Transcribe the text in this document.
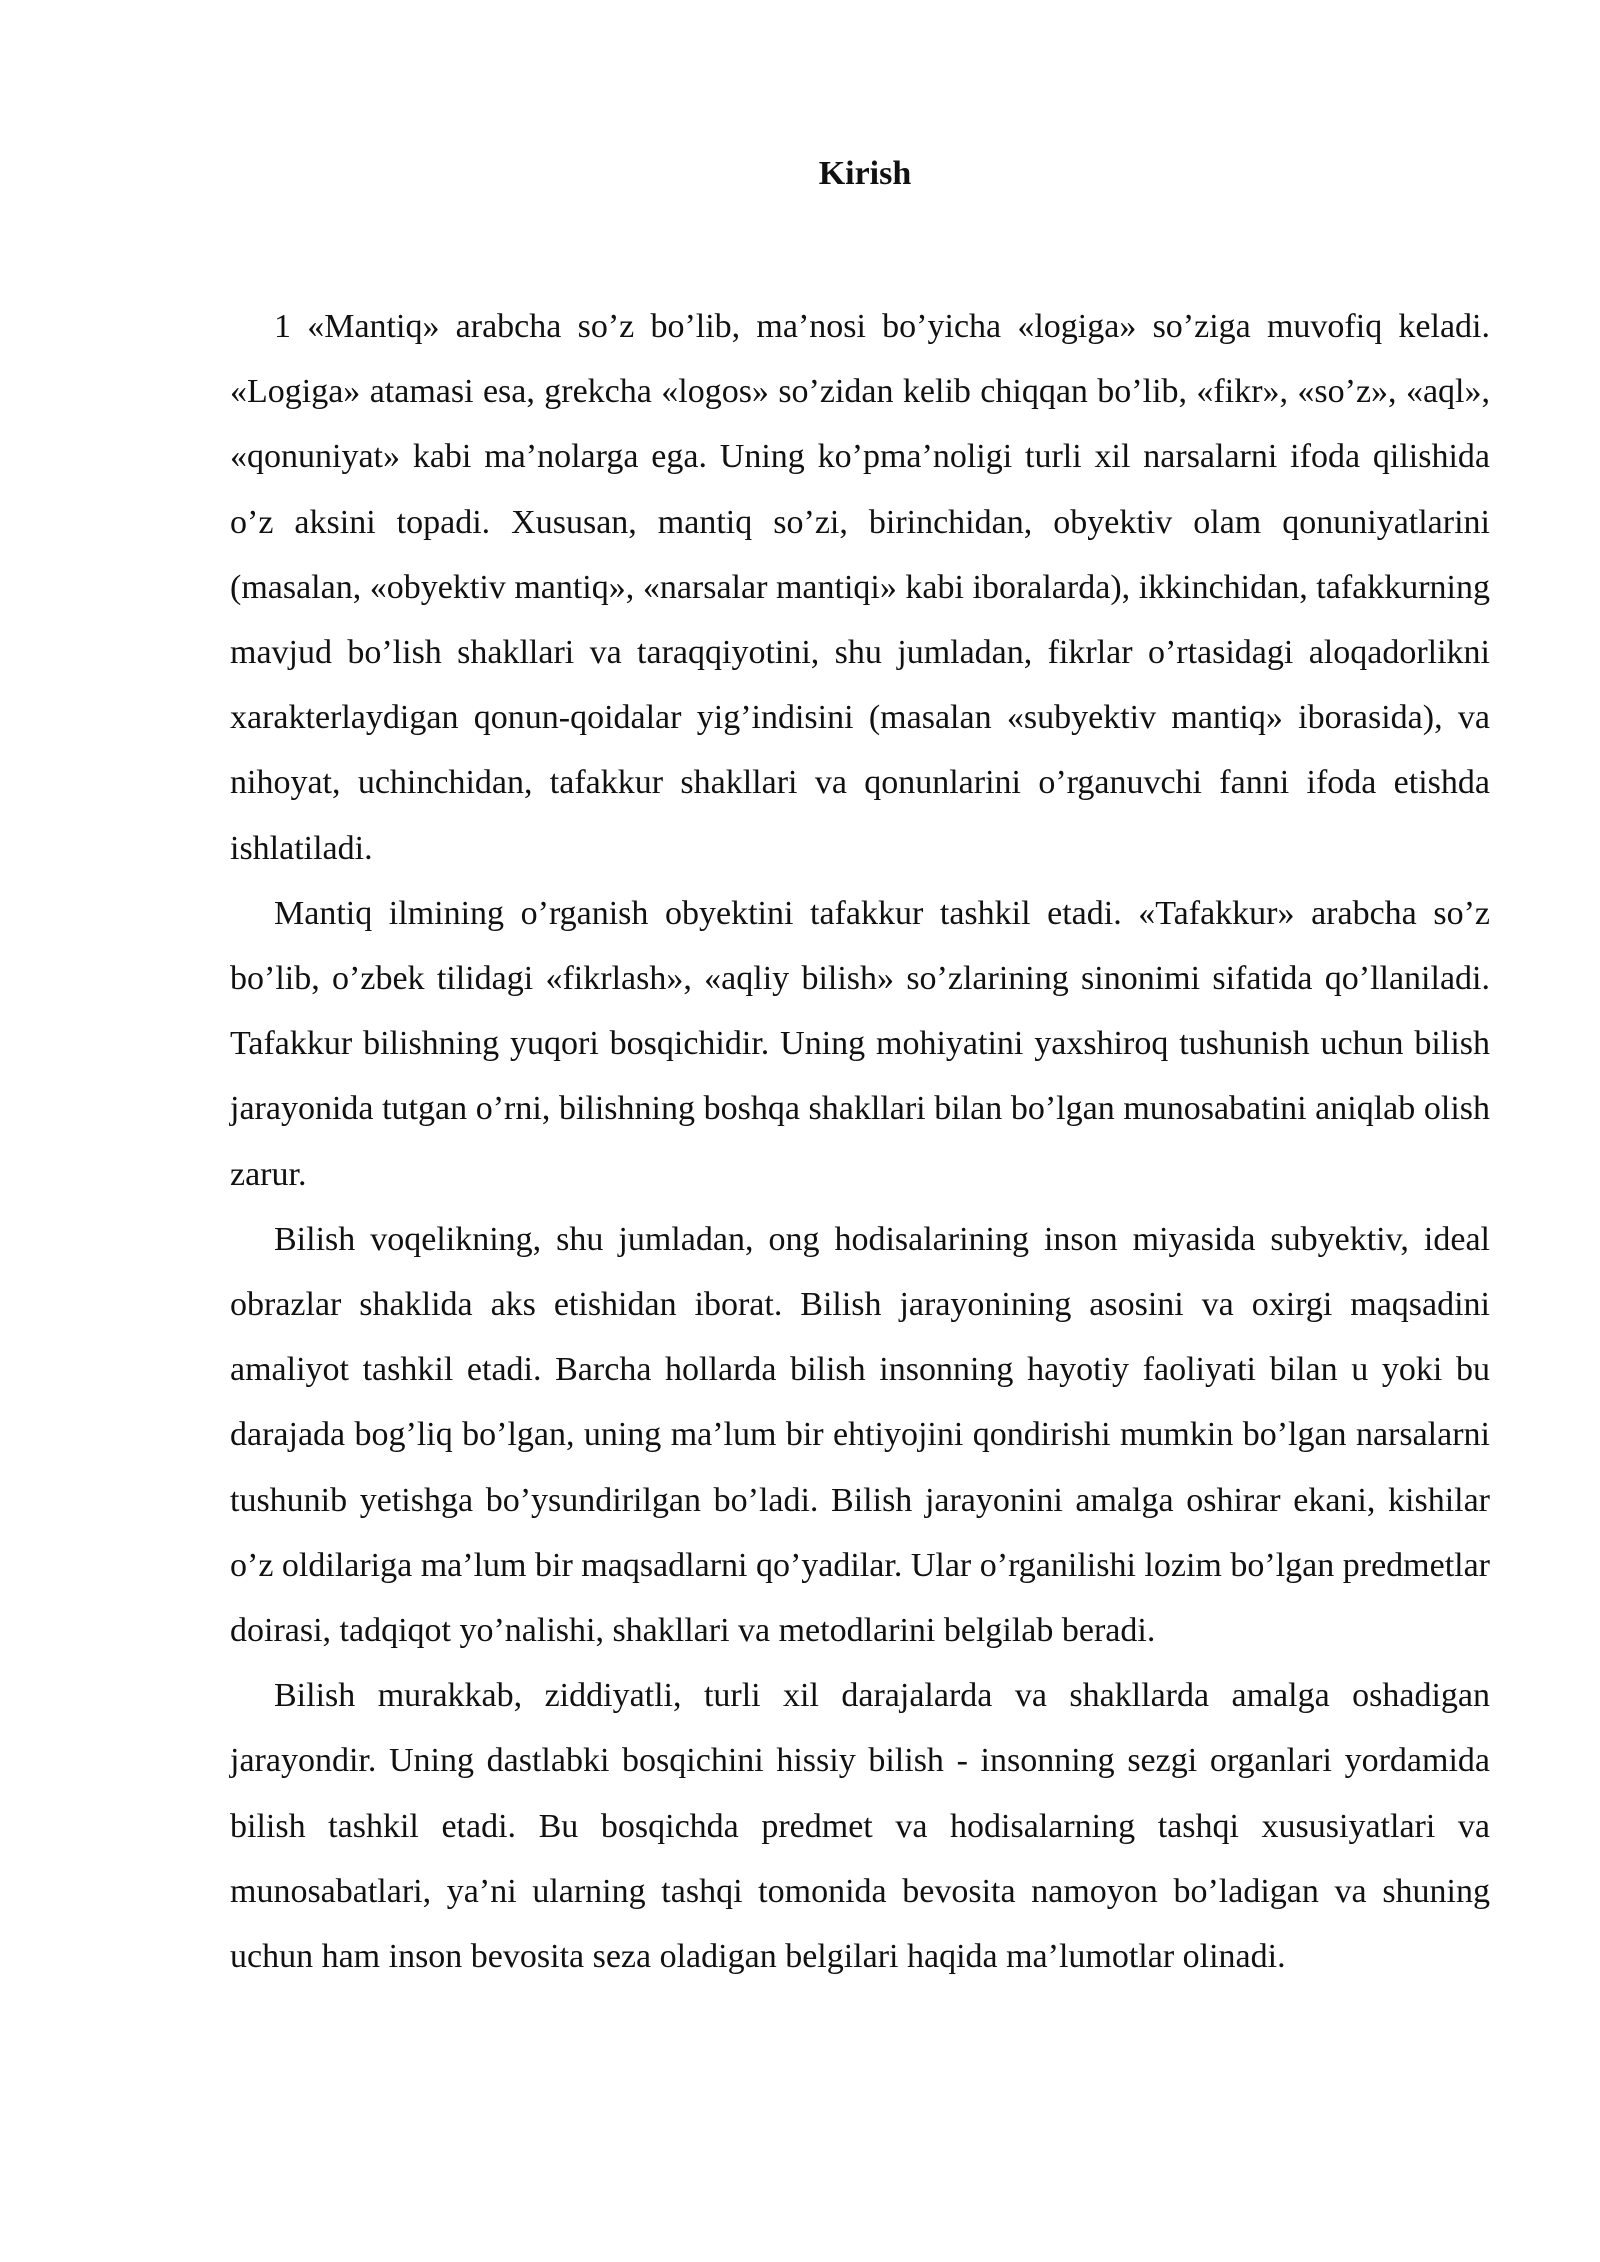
Kirish

1 «Mantiq» arabcha so’z bo’lib, ma’nosi bo’yicha «logiga» so’ziga muvofiq keladi. «Logiga» atamasi esa, grekcha «logos» so’zidan kelib chiqqan bo’lib, «fikr», «so’z», «aql», «qonuniyat» kabi ma’nolarga ega. Uning ko’pma’noligi turli xil narsalarni ifoda qilishida o’z aksini topadi. Xususan, mantiq so’zi, birinchidan, obyektiv olam qonuniyatlarini (masalan, «obyektiv mantiq», «narsalar mantiqi» kabi iboralarda), ikkinchidan, tafakkurning mavjud bo’lish shakllari va taraqqiyotini, shu jumladan, fikrlar o’rtasidagi aloqadorlikni xarakterlaydigan qonun-qoidalar yig’indisini (masalan «subyektiv mantiq» iborasida), va nihoyat, uchinchidan, tafakkur shakllari va qonunlarini o’rganuvchi fanni ifoda etishda ishlatiladi.

Mantiq ilmining o’rganish obyektini tafakkur tashkil etadi. «Tafakkur» arabcha so’z bo’lib, o’zbek tilidagi «fikrlash», «aqliy bilish» so’zlarining sinonimi sifatida qo’llaniladi. Tafakkur bilishning yuqori bosqichidir. Uning mohiyatini yaxshiroq tushunish uchun bilish jarayonida tutgan o’rni, bilishning boshqa shakllari bilan bo’lgan munosabatini aniqlab olish zarur.

Bilish voqelikning, shu jumladan, ong hodisalarining inson miyasida subyektiv, ideal obrazlar shaklida aks etishidan iborat. Bilish jarayonining asosini va oxirgi maqsadini amaliyot tashkil etadi. Barcha hollarda bilish insonning hayotiy faoliyati bilan u yoki bu darajada bog’liq bo’lgan, uning ma’lum bir ehtiyojini qondirishi mumkin bo’lgan narsalarni tushunib yetishga bo’ysundirilgan bo’ladi. Bilish jarayonini amalga oshirar ekani, kishilar o’z oldilariga ma’lum bir maqsadlarni qo’yadilar. Ular o’rganilishi lozim bo’lgan predmetlar doirasi, tadqiqot yo’nalishi, shakllari va metodlarini belgilab beradi.

Bilish murakkab, ziddiyatli, turli xil darajalarda va shakllarda amalga oshadigan jarayondir. Uning dastlabki bosqichini hissiy bilish - insonning sezgi organlari yordamida bilish tashkil etadi. Bu bosqichda predmet va hodisalarning tashqi xususiyatlari va munosabatlari, ya’ni ularning tashqi tomonida bevosita namoyon bo’ladigan va shuning uchun ham inson bevosita seza oladigan belgilari haqida ma’lumotlar olinadi.
